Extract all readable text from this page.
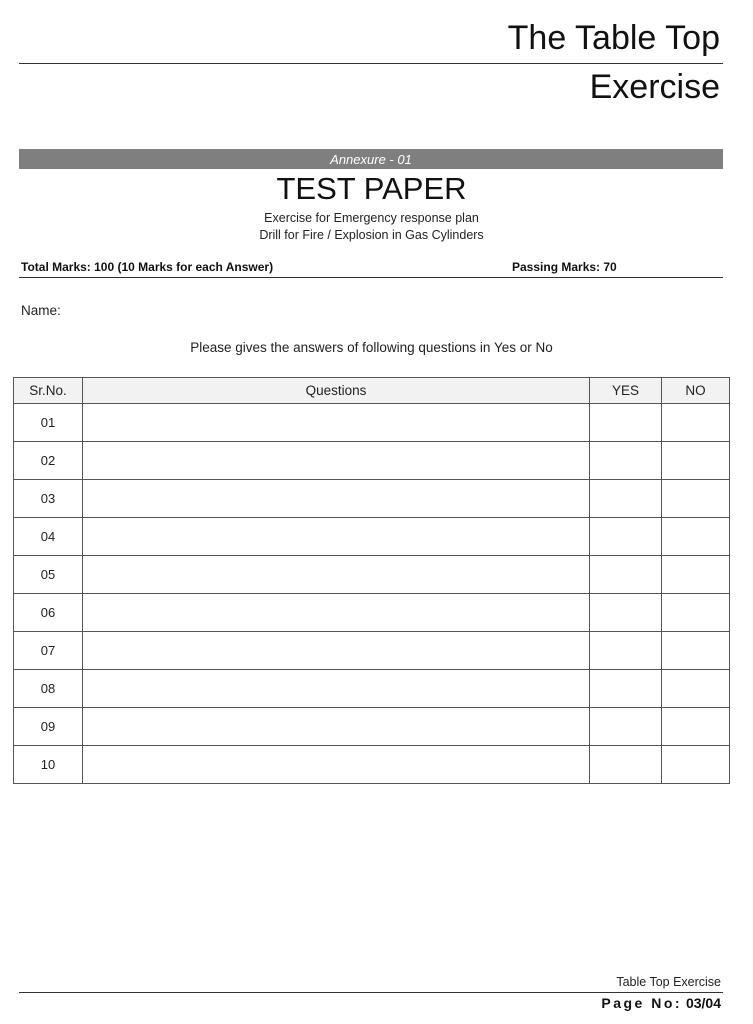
The Table Top
Exercise
Annexure - 01
TEST PAPER
Exercise for Emergency response plan
Drill for Fire / Explosion in Gas Cylinders
Total Marks: 100 (10 Marks for each Answer)	Passing Marks: 70
Name:
Please gives the answers of following questions in Yes or No
Sr.No.	Questions	YES	NO
01			
02			
03			
04			
05			
06			
07			
08			
09			
10			
Table Top Exercise
Page No: 03/04
